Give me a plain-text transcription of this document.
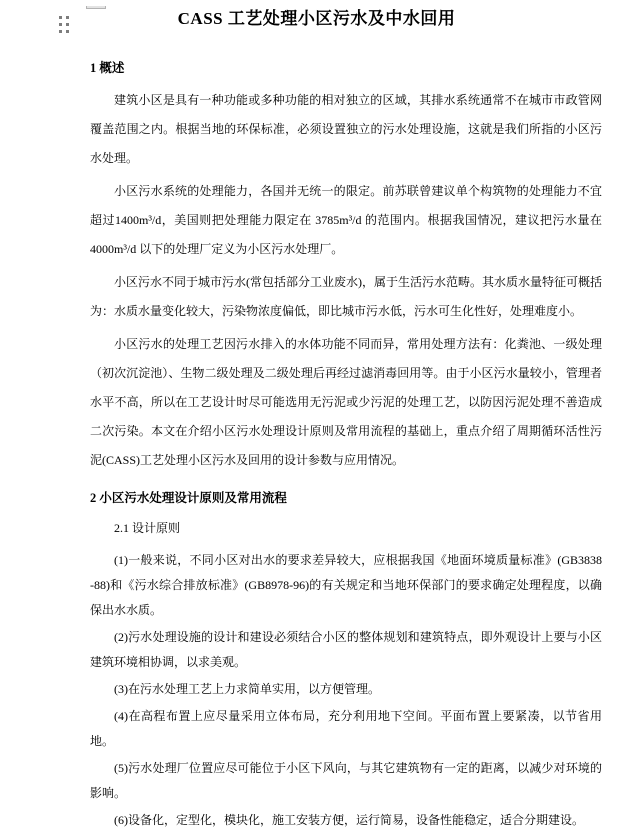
CASS 工艺处理小区污水及中水回用
1 概述

建筑小区是具有一种功能或多种功能的相对独立的区域，其排水系统通常不在城市市政管网覆盖范围之内。根据当地的环保标准，必须设置独立的污水处理设施，这就是我们所指的小区污水处理。

小区污水系统的处理能力，各国并无统一的限定。前苏联曾建议单个构筑物的处理能力不宜超过1400m³/d，美国则把处理能力限定在 3785m³/d 的范围内。根据我国情况，建议把污水量在 4000m³/d 以下的处理厂定义为小区污水处理厂。

小区污水不同于城市污水(常包括部分工业废水)，属于生活污水范畴。其水质水量特征可概括为：水质水量变化较大，污染物浓度偏低，即比城市污水低，污水可生化性好，处理难度小。

小区污水的处理工艺因污水排入的水体功能不同而异，常用处理方法有：化粪池、一级处理（初次沉淀池）、生物二级处理及二级处理后再经过滤消毒回用等。由于小区污水量较小，管理者水平不高，所以在工艺设计时尽可能选用无污泥或少污泥的处理工艺，以防因污泥处理不善造成二次污染。本文在介绍小区污水处理设计原则及常用流程的基础上，重点介绍了周期循环活性污泥(CASS)工艺处理小区污水及回用的设计参数与应用情况。

2 小区污水处理设计原则及常用流程

2.1 设计原则

(1)一般来说，不同小区对出水的要求差异较大，应根据我国《地面环境质量标准》(GB3838 -88)和《污水综合排放标准》(GB8978-96)的有关规定和当地环保部门的要求确定处理程度，以确保出水水质。

(2)污水处理设施的设计和建设必须结合小区的整体规划和建筑特点，即外观设计上要与小区建筑环境相协调，以求美观。

(3)在污水处理工艺上力求简单实用，以方便管理。

(4)在高程布置上应尽量采用立体布局，充分利用地下空间。平面布置上要紧凑，以节省用地。

(5)污水处理厂位置应尽可能位于小区下风向，与其它建筑物有一定的距离，以减少对环境的影响。

(6)设备化，定型化，模块化，施工安装方便，运行简易，设备性能稳定，适合分期建设。
